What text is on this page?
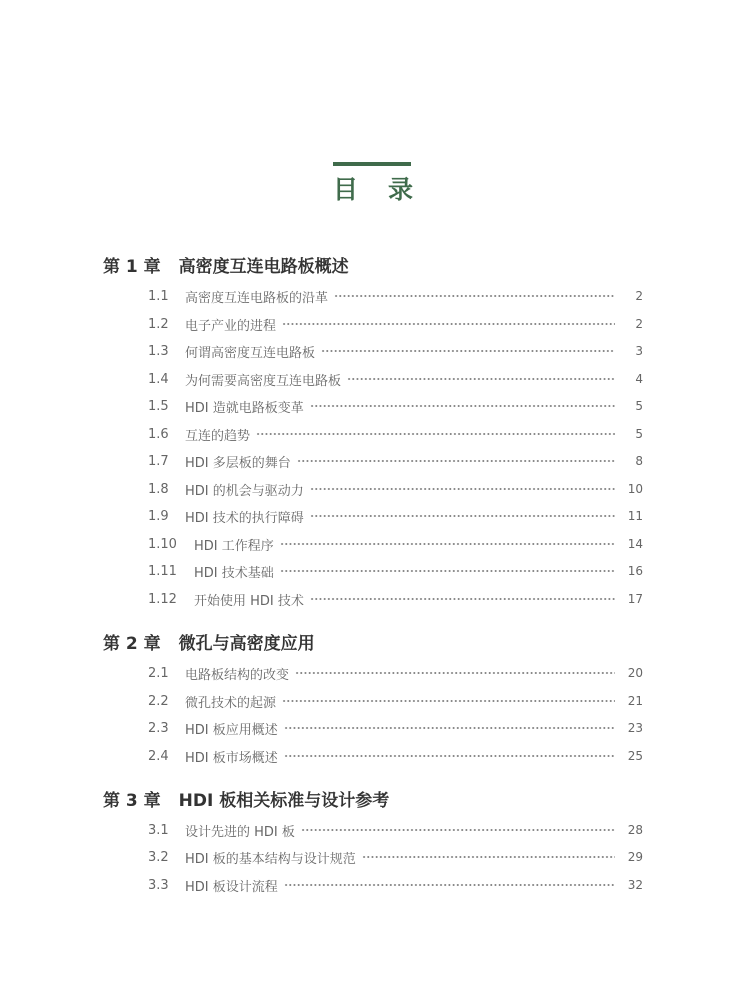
目 录
第 1 章 高密度互连电路板概述
1.1	高密度互连电路板的沿革	2
1.2	电子产业的进程	2
1.3	何谓高密度互连电路板	3
1.4	为何需要高密度互连电路板	4
1.5	HDI 造就电路板变革	5
1.6	互连的趋势	5
1.7	HDI 多层板的舞台	8
1.8	HDI 的机会与驱动力	10
1.9	HDI 技术的执行障碍	11
1.10	HDI 工作程序	14
1.11	HDI 技术基础	16
1.12	开始使用 HDI 技术	17
第 2 章 微孔与高密度应用
2.1	电路板结构的改变	20
2.2	微孔技术的起源	21
2.3	HDI 板应用概述	23
2.4	HDI 板市场概述	25
第 3 章 HDI 板相关标准与设计参考
3.1	设计先进的 HDI 板	28
3.2	HDI 板的基本结构与设计规范	29
3.3	HDI 板设计流程	32
